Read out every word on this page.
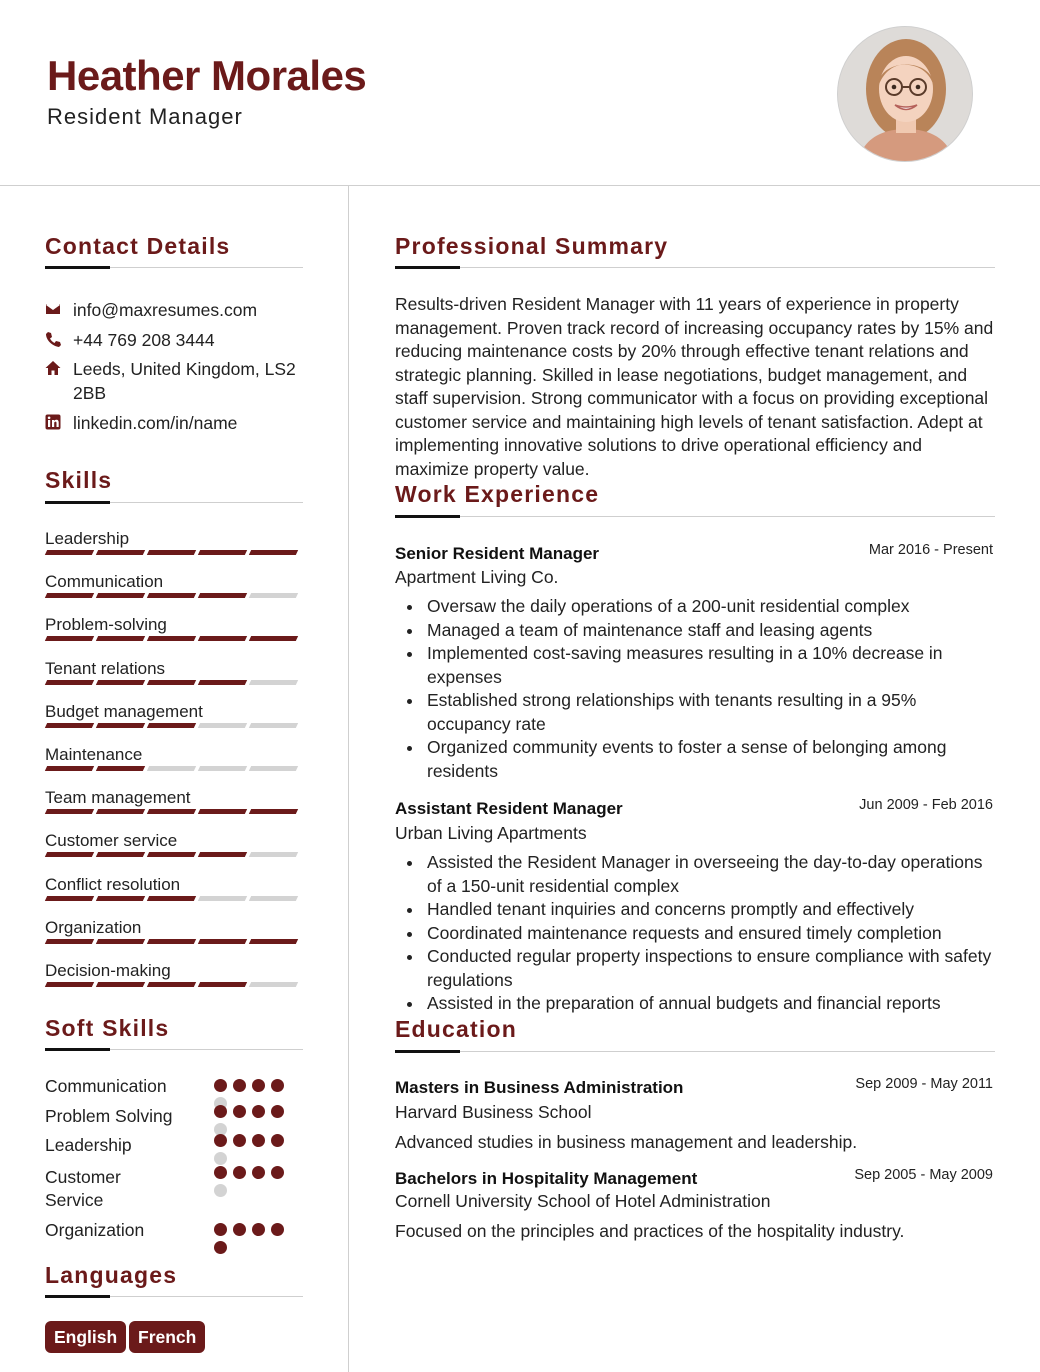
Heather Morales
Resident Manager
Contact Details
info@maxresumes.com
+44 769 208 3444
Leeds, United Kingdom, LS2 2BB
linkedin.com/in/name
Skills
Leadership
Communication
Problem-solving
Tenant relations
Budget management
Maintenance
Team management
Customer service
Conflict resolution
Organization
Decision-making
Soft Skills
Communication
Problem Solving
Leadership
Customer Service
Organization
Languages
English	French
Professional Summary
Results-driven Resident Manager with 11 years of experience in property management. Proven track record of increasing occupancy rates by 15% and reducing maintenance costs by 20% through effective tenant relations and strategic planning. Skilled in lease negotiations, budget management, and staff supervision. Strong communicator with a focus on providing exceptional customer service and maintaining high levels of tenant satisfaction. Adept at implementing innovative solutions to drive operational efficiency and maximize property value.
Work Experience
Senior Resident Manager	Mar 2016 - Present
Apartment Living Co.
Oversaw the daily operations of a 200-unit residential complex
Managed a team of maintenance staff and leasing agents
Implemented cost-saving measures resulting in a 10% decrease in expenses
Established strong relationships with tenants resulting in a 95% occupancy rate
Organized community events to foster a sense of belonging among residents
Assistant Resident Manager	Jun 2009 - Feb 2016
Urban Living Apartments
Assisted the Resident Manager in overseeing the day-to-day operations of a 150-unit residential complex
Handled tenant inquiries and concerns promptly and effectively
Coordinated maintenance requests and ensured timely completion
Conducted regular property inspections to ensure compliance with safety regulations
Assisted in the preparation of annual budgets and financial reports
Education
Masters in Business Administration	Sep 2009 - May 2011
Harvard Business School
Advanced studies in business management and leadership.
Bachelors in Hospitality Management	Sep 2005 - May 2009
Cornell University School of Hotel Administration
Focused on the principles and practices of the hospitality industry.
